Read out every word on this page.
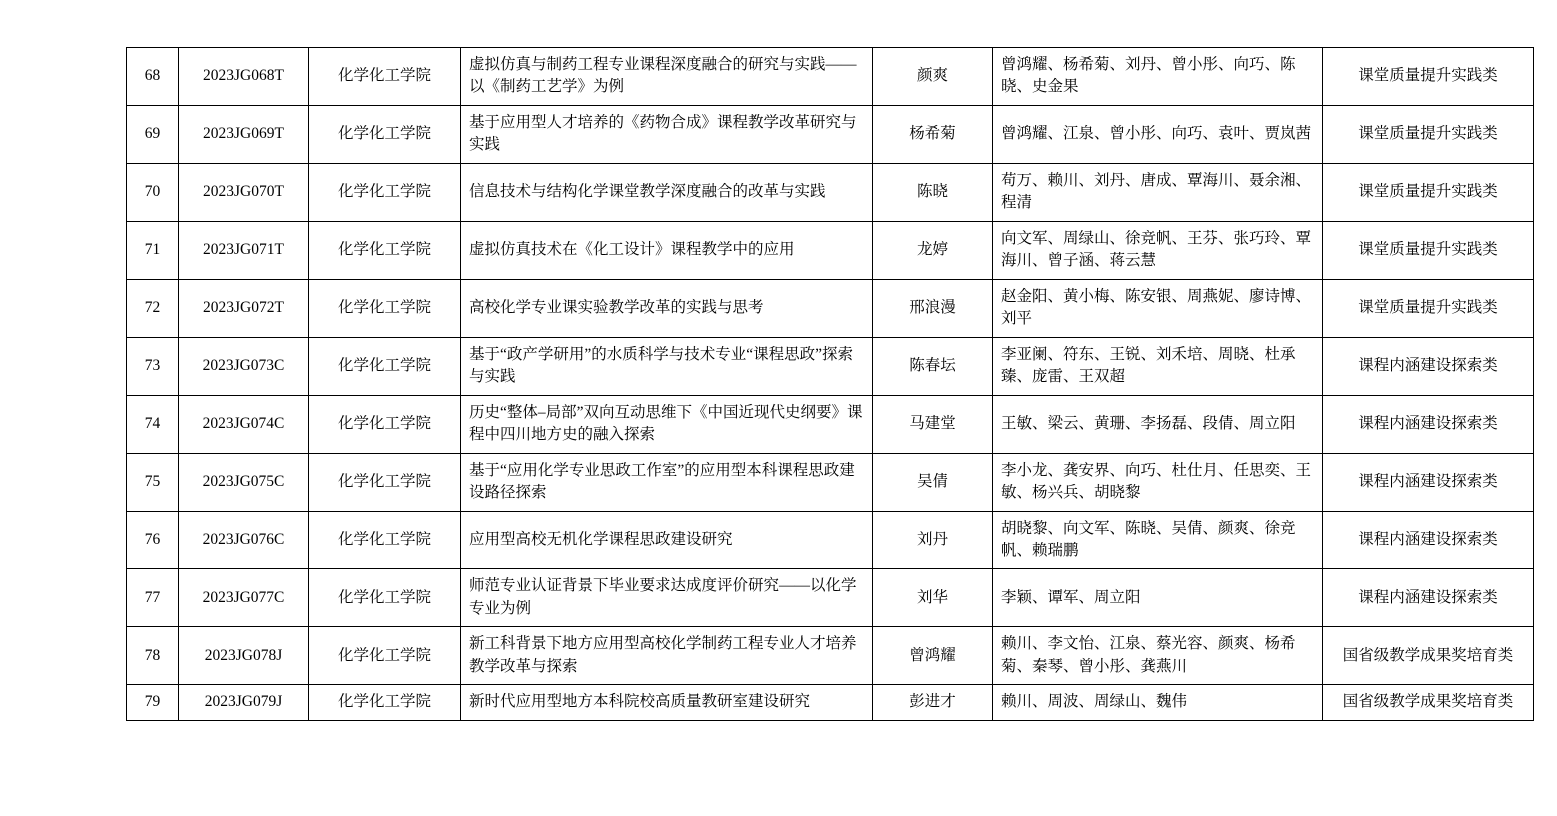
68	2023JG068T	化学化工学院	虚拟仿真与制药工程专业课程深度融合的研究与实践——以《制药工艺学》为例	颜爽	曾鸿耀、杨希菊、刘丹、曾小彤、向巧、陈晓、史金果	课堂质量提升实践类
69	2023JG069T	化学化工学院	基于应用型人才培养的《药物合成》课程教学改革研究与实践	杨希菊	曾鸿耀、江泉、曾小彤、向巧、袁叶、贾岚茜	课堂质量提升实践类
70	2023JG070T	化学化工学院	信息技术与结构化学课堂教学深度融合的改革与实践	陈晓	苟万、赖川、刘丹、唐成、覃海川、聂余湘、程清	课堂质量提升实践类
71	2023JG071T	化学化工学院	虚拟仿真技术在《化工设计》课程教学中的应用	龙婷	向文军、周绿山、徐竞帆、王芬、张巧玲、覃海川、曾子涵、蒋云慧	课堂质量提升实践类
72	2023JG072T	化学化工学院	高校化学专业课实验教学改革的实践与思考	邢浪漫	赵金阳、黄小梅、陈安银、周燕妮、廖诗博、刘平	课堂质量提升实践类
73	2023JG073C	化学化工学院	基于“政产学研用”的水质科学与技术专业“课程思政”探索与实践	陈春坛	李亚阑、符东、王锐、刘禾培、周晓、杜承臻、庞雷、王双超	课程内涵建设探索类
74	2023JG074C	化学化工学院	历史“整体–局部”双向互动思维下《中国近现代史纲要》课程中四川地方史的融入探索	马建堂	王敏、梁云、黄珊、李扬磊、段倩、周立阳	课程内涵建设探索类
75	2023JG075C	化学化工学院	基于“应用化学专业思政工作室”的应用型本科课程思政建设路径探索	吴倩	李小龙、龚安界、向巧、杜仕月、任思奕、王敏、杨兴兵、胡晓黎	课程内涵建设探索类
76	2023JG076C	化学化工学院	应用型高校无机化学课程思政建设研究	刘丹	胡晓黎、向文军、陈晓、吴倩、颜爽、徐竞帆、赖瑞鹏	课程内涵建设探索类
77	2023JG077C	化学化工学院	师范专业认证背景下毕业要求达成度评价研究——以化学专业为例	刘华	李颖、谭军、周立阳	课程内涵建设探索类
78	2023JG078J	化学化工学院	新工科背景下地方应用型高校化学制药工程专业人才培养教学改革与探索	曾鸿耀	赖川、李文怡、江泉、蔡光容、颜爽、杨希菊、秦琴、曾小彤、龚燕川	国省级教学成果奖培育类
79	2023JG079J	化学化工学院	新时代应用型地方本科院校高质量教研室建设研究	彭进才	赖川、周波、周绿山、魏伟	国省级教学成果奖培育类
